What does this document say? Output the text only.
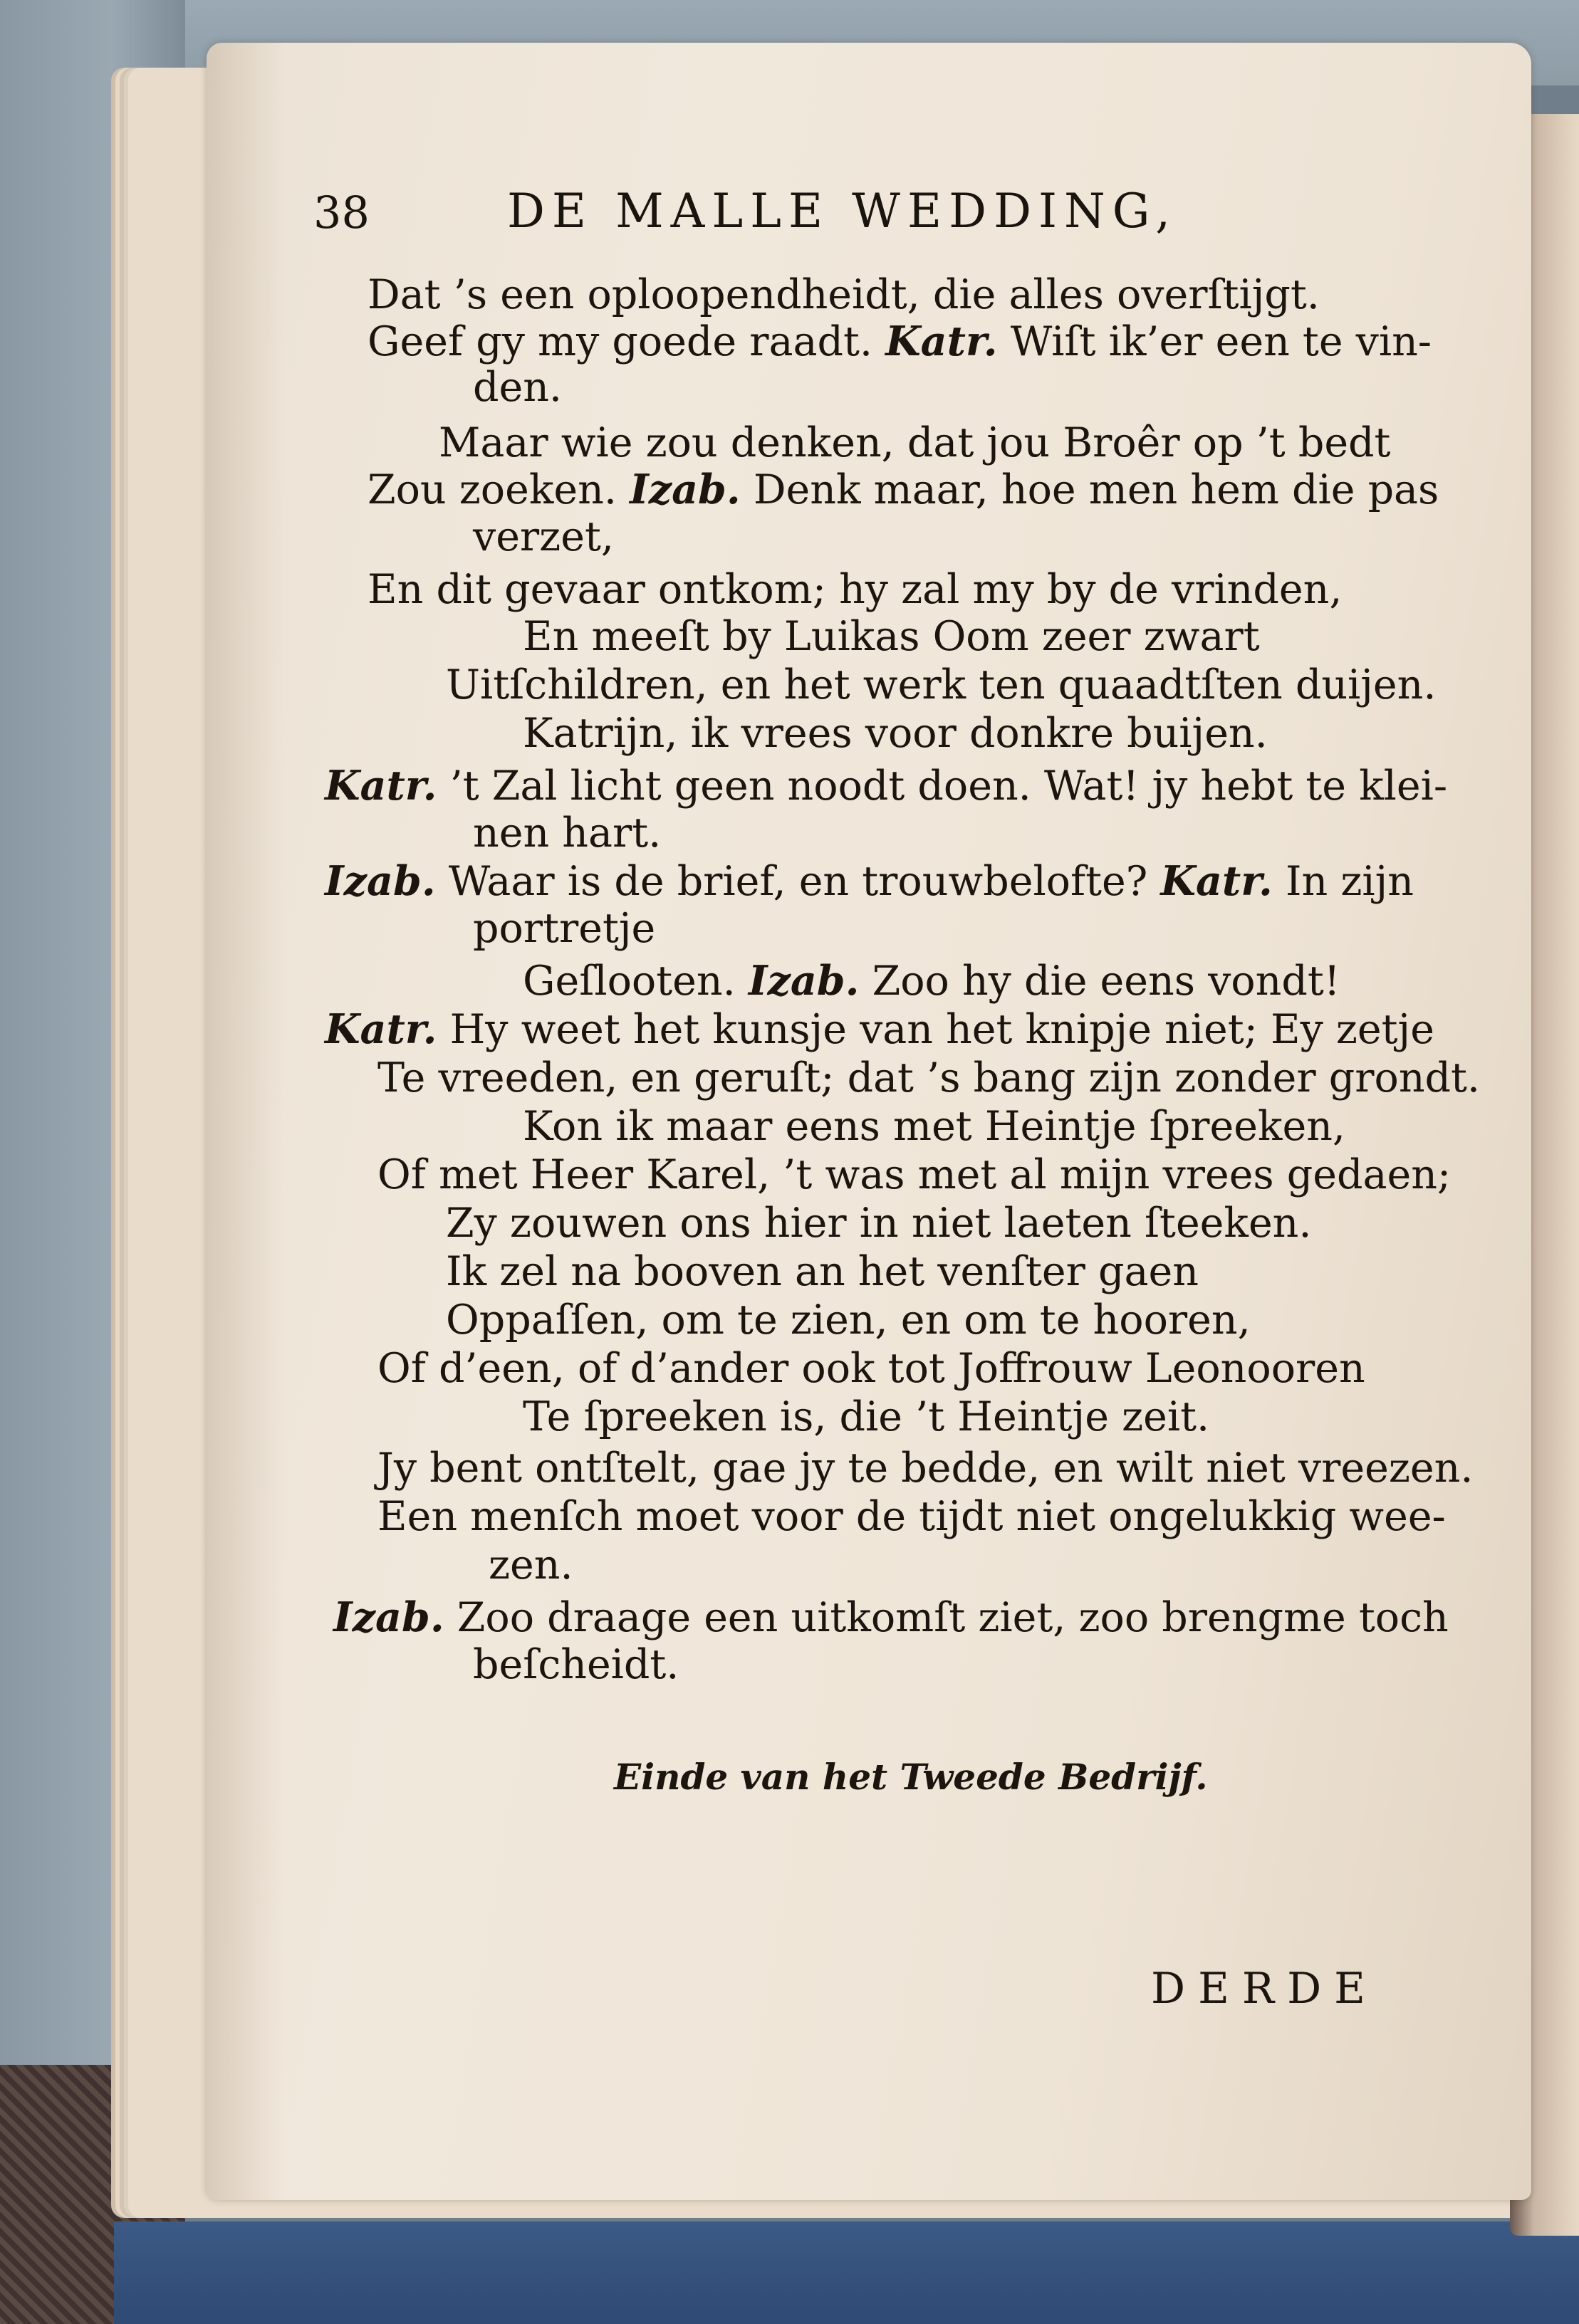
38	DE MALLE WEDDING,
Dat ’s een oploopendheidt, die alles overſtijgt.
Geef gy my goede raadt. Katr. Wiſt ik’er een te vin-
den.
Maar wie zou denken, dat jou Broêr op ’t bedt
Zou zoeken. Izab. Denk maar, hoe men hem die pas
verzet,
En dit gevaar ontkom; hy zal my by de vrinden,
En meeſt by Luikas Oom zeer zwart
Uitſchildren, en het werk ten quaadtſten duijen.
Katrijn, ik vrees voor donkre buijen.
Katr. ’t Zal licht geen noodt doen. Wat! jy hebt te klei-
nen hart.
Izab. Waar is de brief, en trouwbelofte? Katr. In zijn
portretje
Geſlooten. Izab. Zoo hy die eens vondt!
Katr. Hy weet het kunsje van het knipje niet; Ey zetje
Te vreeden, en geruſt; dat ’s bang zijn zonder grondt.
Kon ik maar eens met Heintje ſpreeken,
Of met Heer Karel, ’t was met al mijn vrees gedaen;
Zy zouwen ons hier in niet laeten ſteeken.
Ik zel na booven an het venſter gaen
Oppaſſen, om te zien, en om te hooren,
Of d’een, of d’ander ook tot Joffrouw Leonooren
Te ſpreeken is, die ’t Heintje zeit.
Jy bent ontſtelt, gae jy te bedde, en wilt niet vreezen.
Een menſch moet voor de tijdt niet ongelukkig wee-
zen.
Izab. Zoo draage een uitkomſt ziet, zoo brengme toch
beſcheidt.
Einde van het Tweede Bedrijf.
DERDE
